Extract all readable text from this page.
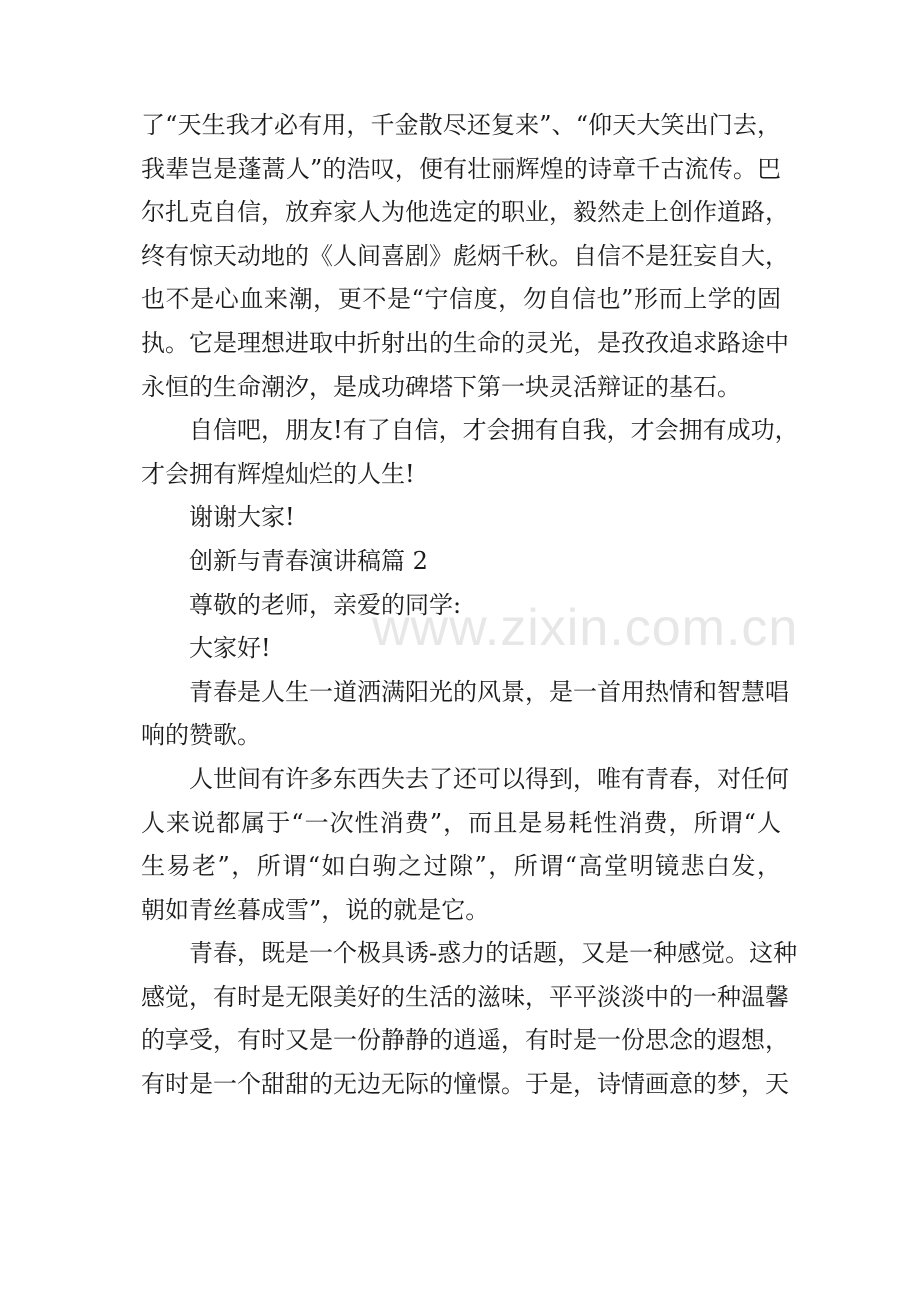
了“天生我才必有用，千金散尽还复来”、“仰天大笑出门去，
我辈岂是蓬蒿人”的浩叹，便有壮丽辉煌的诗章千古流传。巴
尔扎克自信，放弃家人为他选定的职业，毅然走上创作道路，
终有惊天动地的《人间喜剧》彪炳千秋。自信不是狂妄自大，
也不是心血来潮，更不是“宁信度，勿自信也”形而上学的固
执。它是理想进取中折射出的生命的灵光，是孜孜追求路途中
永恒的生命潮汐，是成功碑塔下第一块灵活辩证的基石。
自信吧，朋友!有了自信，才会拥有自我，才会拥有成功，
才会拥有辉煌灿烂的人生!
谢谢大家!
创新与青春演讲稿篇 2
尊敬的老师，亲爱的同学:
大家好!
青春是人生一道洒满阳光的风景，是一首用热情和智慧唱
响的赞歌。
人世间有许多东西失去了还可以得到，唯有青春，对任何
人来说都属于“一次性消费”，而且是易耗性消费，所谓“人
生易老”，所谓“如白驹之过隙”，所谓“高堂明镜悲白发，
朝如青丝暮成雪”，说的就是它。
青春，既是一个极具诱-惑力的话题，又是一种感觉。这种
感觉，有时是无限美好的生活的滋味，平平淡淡中的一种温馨
的享受，有时又是一份静静的逍遥，有时是一份思念的遐想，
有时是一个甜甜的无边无际的憧憬。于是，诗情画意的梦，天
www.zixin.com.cn
